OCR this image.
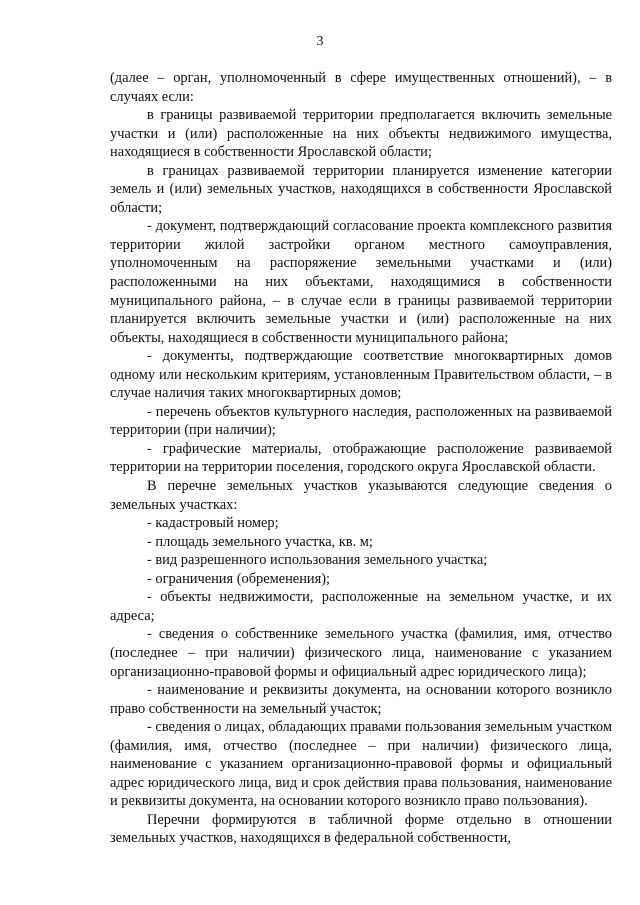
3

(далее – орган, уполномоченный в сфере имущественных отношений), – в случаях если:

в границы развиваемой территории предполагается включить земельные участки и (или) расположенные на них объекты недвижимого имущества, находящиеся в собственности Ярославской области;

в границах развиваемой территории планируется изменение категории земель и (или) земельных участков, находящихся в собственности Ярославской области;

- документ, подтверждающий согласование проекта комплексного развития территории жилой застройки органом местного самоуправления, уполномоченным на распоряжение земельными участками и (или) расположенными на них объектами, находящимися в собственности муниципального района, – в случае если в границы развиваемой территории планируется включить земельные участки и (или) расположенные на них объекты, находящиеся в собственности муниципального района;

- документы, подтверждающие соответствие многоквартирных домов одному или нескольким критериям, установленным Правительством области, – в случае наличия таких многоквартирных домов;

- перечень объектов культурного наследия, расположенных на развиваемой территории (при наличии);

- графические материалы, отображающие расположение развиваемой территории на территории поселения, городского округа Ярославской области.

В перечне земельных участков указываются следующие сведения о земельных участках:

- кадастровый номер;

- площадь земельного участка, кв. м;

- вид разрешенного использования земельного участка;

- ограничения (обременения);

- объекты недвижимости, расположенные на земельном участке, и их адреса;

- сведения о собственнике земельного участка (фамилия, имя, отчество (последнее – при наличии) физического лица, наименование с указанием организационно-правовой формы и официальный адрес юридического лица);

- наименование и реквизиты документа, на основании которого возникло право собственности на земельный участок;

- сведения о лицах, обладающих правами пользования земельным участком (фамилия, имя, отчество (последнее – при наличии) физического лица, наименование с указанием организационно-правовой формы и официальный адрес юридического лица, вид и срок действия права пользования, наименование и реквизиты документа, на основании которого возникло право пользования).

Перечни формируются в табличной форме отдельно в отношении земельных участков, находящихся в федеральной собственности,
